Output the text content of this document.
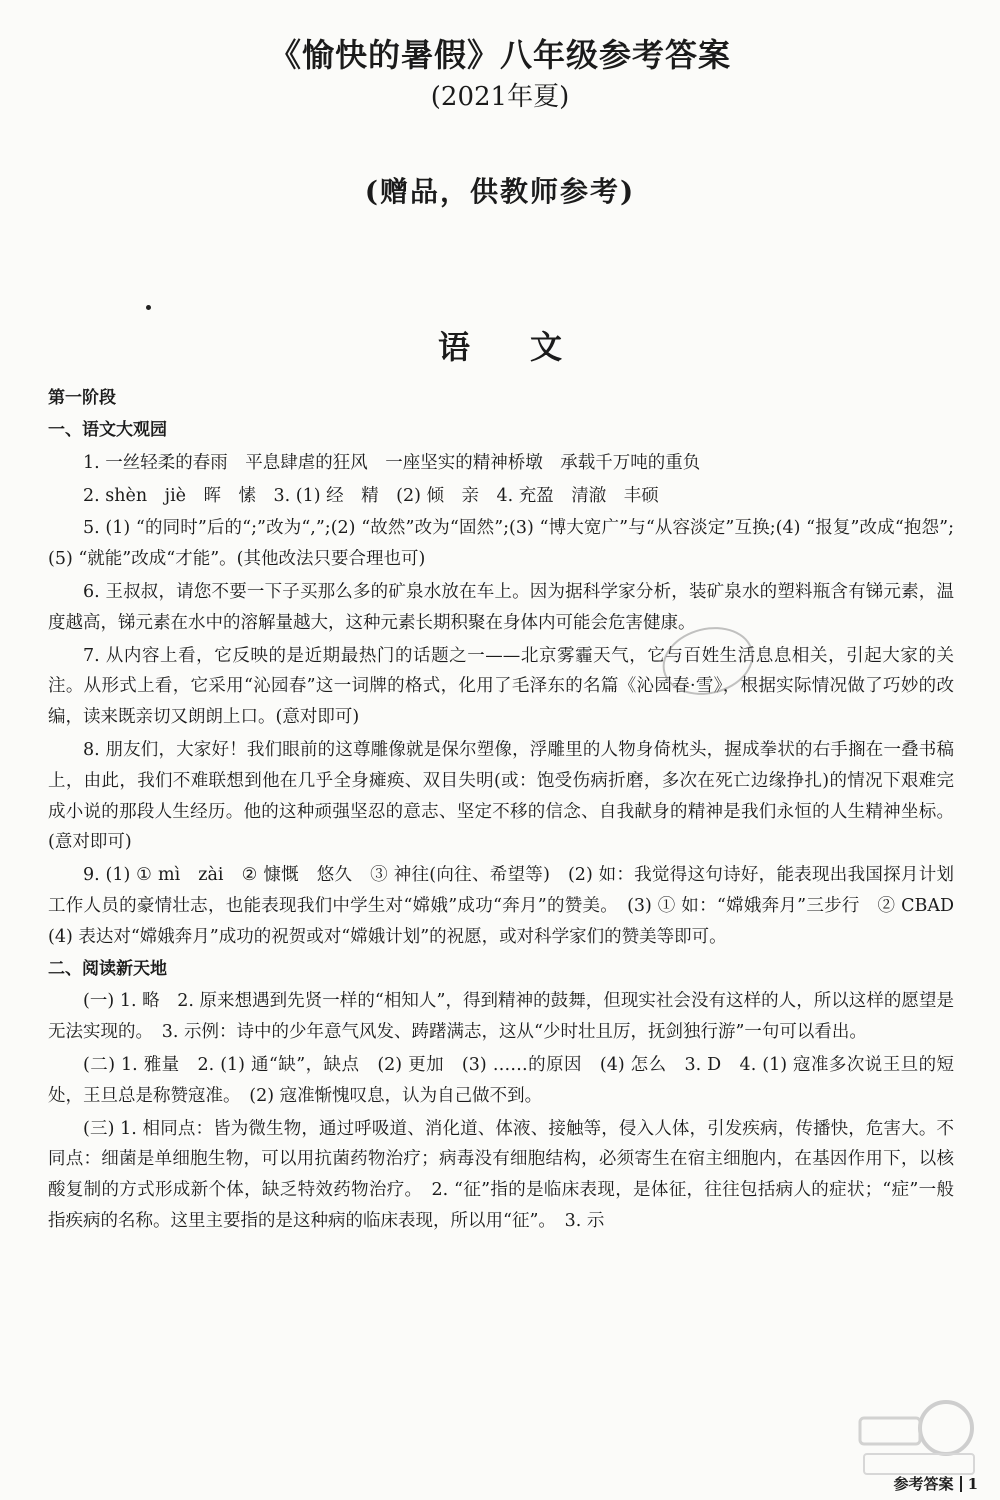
《愉快的暑假》八年级参考答案
(2021年夏)
(赠品，供教师参考)
语文

第一阶段

一、语文大观园

1. 一丝轻柔的春雨　平息肆虐的狂风　一座坚实的精神桥墩　承载千万吨的重负

2. shèn　jiè　晖　愫　3. (1) 经　精　(2) 倾　亲　4. 充盈　清澈　丰硕

5. (1) “的同时”后的“;”改为“,”;(2) “故然”改为“固然”;(3) “博大宽广”与“从容淡定”互换;(4) “报复”改成“抱怨”;(5) “就能”改成“才能”。(其他改法只要合理也可)

6. 王叔叔，请您不要一下子买那么多的矿泉水放在车上。因为据科学家分析，装矿泉水的塑料瓶含有锑元素，温度越高，锑元素在水中的溶解量越大，这种元素长期积聚在身体内可能会危害健康。

7. 从内容上看，它反映的是近期最热门的话题之一——北京雾霾天气，它与百姓生活息息相关，引起大家的关注。从形式上看，它采用“沁园春”这一词牌的格式，化用了毛泽东的名篇《沁园春·雪》，根据实际情况做了巧妙的改编，读来既亲切又朗朗上口。(意对即可)

8. 朋友们，大家好！我们眼前的这尊雕像就是保尔塑像，浮雕里的人物身倚枕头，握成拳状的右手搁在一叠书稿上，由此，我们不难联想到他在几乎全身瘫痪、双目失明(或：饱受伤病折磨，多次在死亡边缘挣扎)的情况下艰难完成小说的那段人生经历。他的这种顽强坚忍的意志、坚定不移的信念、自我献身的精神是我们永恒的人生精神坐标。(意对即可)

9. (1) ① mì　zài　② 慷慨　悠久　③ 神往(向往、希望等)　(2) 如：我觉得这句诗好，能表现出我国探月计划工作人员的豪情壮志，也能表现我们中学生对“嫦娥”成功“奔月”的赞美。　(3) ① 如：“嫦娥奔月”三步行　② CBAD　(4) 表达对“嫦娥奔月”成功的祝贺或对“嫦娥计划”的祝愿，或对科学家们的赞美等即可。

二、阅读新天地

(一) 1. 略　2. 原来想遇到先贤一样的“相知人”，得到精神的鼓舞，但现实社会没有这样的人，所以这样的愿望是无法实现的。　3. 示例：诗中的少年意气风发、踌躇满志，这从“少时壮且厉，抚剑独行游”一句可以看出。

(二) 1. 雅量　2. (1) 通“缺”，缺点　(2) 更加　(3) ……的原因　(4) 怎么　3. D　4. (1) 寇准多次说王旦的短处，王旦总是称赞寇准。　(2) 寇准惭愧叹息，认为自己做不到。

(三) 1. 相同点：皆为微生物，通过呼吸道、消化道、体液、接触等，侵入人体，引发疾病，传播快，危害大。不同点：细菌是单细胞生物，可以用抗菌药物治疗；病毒没有细胞结构，必须寄生在宿主细胞内，在基因作用下，以核酸复制的方式形成新个体，缺乏特效药物治疗。　2. “征”指的是临床表现，是体征，往往包括病人的症状；“症”一般指疾病的名称。这里主要指的是这种病的临床表现，所以用“征”。　3. 示

参考答案 1
